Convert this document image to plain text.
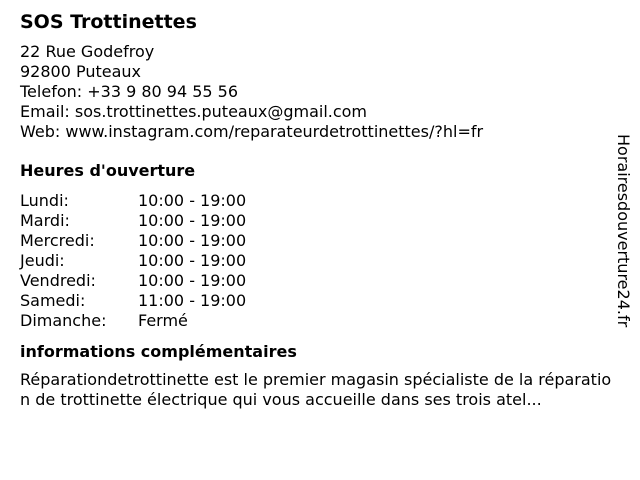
SOS Trottinettes
22 Rue Godefroy
92800 Puteaux
Telefon: +33 9 80 94 55 56
Email: sos.trottinettes.puteaux@gmail.com
Web: www.instagram.com/reparateurdetrottinettes/?hl=fr
Heures d'ouverture
Lundi:	10:00 - 19:00
Mardi:	10:00 - 19:00
Mercredi:	10:00 - 19:00
Jeudi:	10:00 - 19:00
Vendredi:	10:00 - 19:00
Samedi:	11:00 - 19:00
Dimanche:	Fermé
informations complémentaires
Réparationdetrottinette est le premier magasin spécialiste de la réparation de trottinette électrique qui vous accueille dans ses trois atel...
Horairesdouverture24.fr
